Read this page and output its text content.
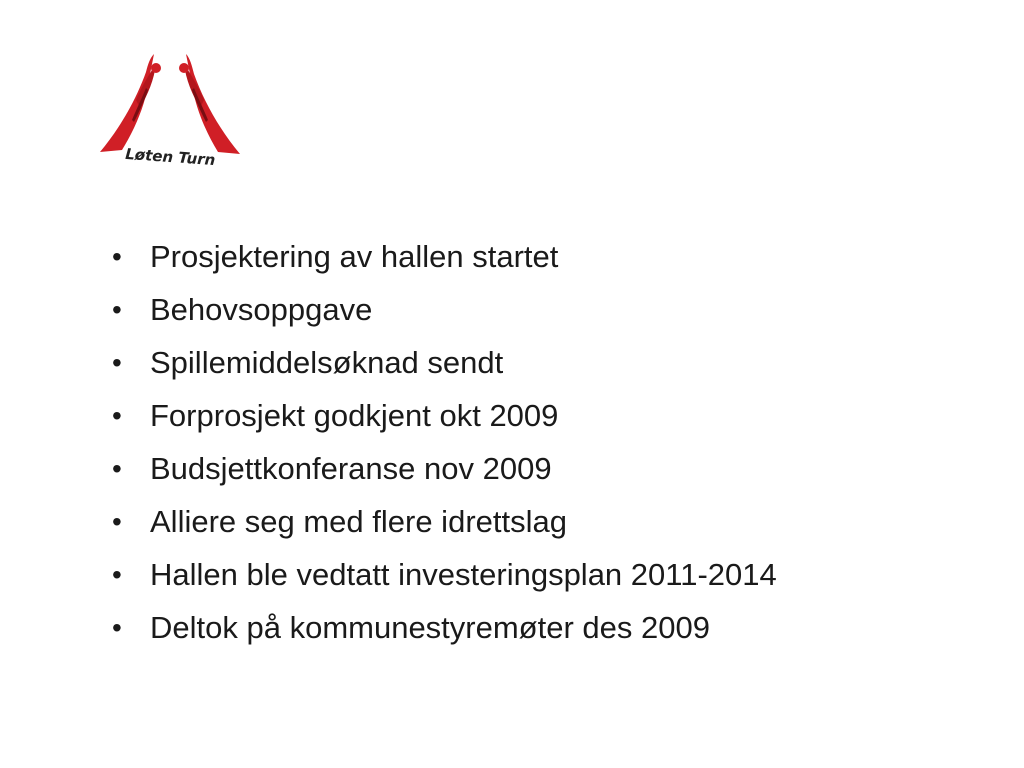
Løten Turn
• Prosjektering av hallen startet
• Behovsoppgave
• Spillemiddelsøknad sendt
• Forprosjekt godkjent okt 2009
• Budsjettkonferanse nov 2009
• Alliere seg med flere idrettslag
• Hallen ble vedtatt investeringsplan 2011-2014
• Deltok på kommunestyremøter des 2009
